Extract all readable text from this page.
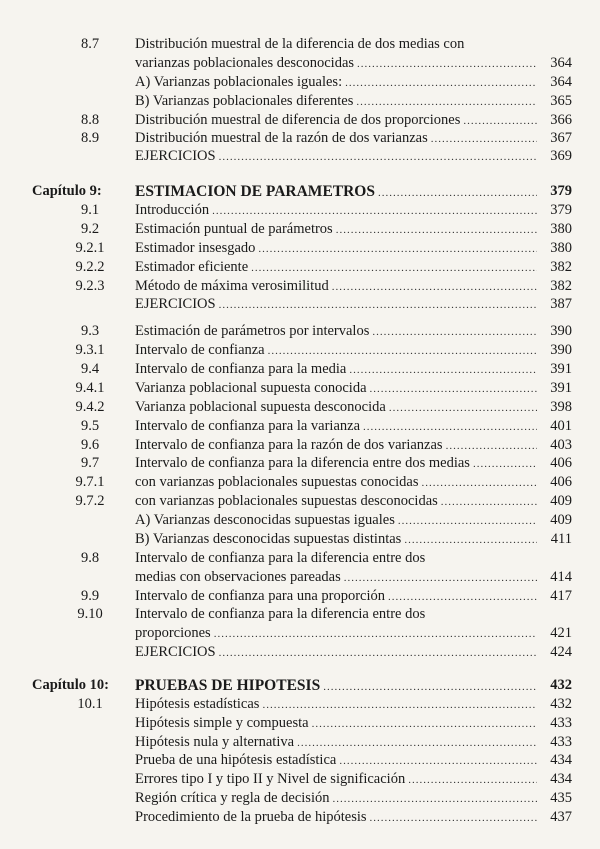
8.7	Distribución muestral de la diferencia de dos medias con
varianzas poblacionales desconocidas .....	364
A) Varianzas poblacionales iguales: .....	364
B) Varianzas poblacionales diferentes .....	365
8.8	Distribución muestral de diferencia de dos proporciones .....	366
8.9	Distribución muestral de la razón de dos varianzas .....	367
EJERCICIOS .....	369
Capítulo 9: ESTIMACION DE PARAMETROS .....	379
9.1	Introducción .....	379
9.2	Estimación puntual de parámetros .....	380
9.2.1	Estimador insesgado .....	380
9.2.2	Estimador eficiente .....	382
9.2.3	Método de máxima verosimilitud .....	382
EJERCICIOS .....	387
9.3	Estimación de parámetros por intervalos .....	390
9.3.1	Intervalo de confianza .....	390
9.4	Intervalo de confianza para la media .....	391
9.4.1	Varianza poblacional supuesta conocida .....	391
9.4.2	Varianza poblacional supuesta desconocida .....	398
9.5	Intervalo de confianza para la varianza .....	401
9.6	Intervalo de confianza para la razón de dos varianzas .....	403
9.7	Intervalo de confianza para la diferencia entre dos medias .....	406
9.7.1	con varianzas poblacionales supuestas conocidas .....	406
9.7.2	con varianzas poblacionales supuestas desconocidas .....	409
A) Varianzas desconocidas supuestas iguales .....	409
B) Varianzas desconocidas supuestas distintas .....	411
9.8	Intervalo de confianza para la diferencia entre dos
medias con observaciones pareadas .....	414
9.9	Intervalo de confianza para una proporción .....	417
9.10	Intervalo de confianza para la diferencia entre dos
proporciones .....	421
EJERCICIOS .....	424
Capítulo 10: PRUEBAS DE HIPOTESIS .....	432
10.1	Hipótesis estadísticas .....	432
Hipótesis simple y compuesta .....	433
Hipótesis nula y alternativa .....	433
Prueba de una hipótesis estadística .....	434
Errores tipo I y tipo II y Nivel de significación .....	434
Región crítica y regla de decisión .....	435
Procedimiento de la prueba de hipótesis .....	437
